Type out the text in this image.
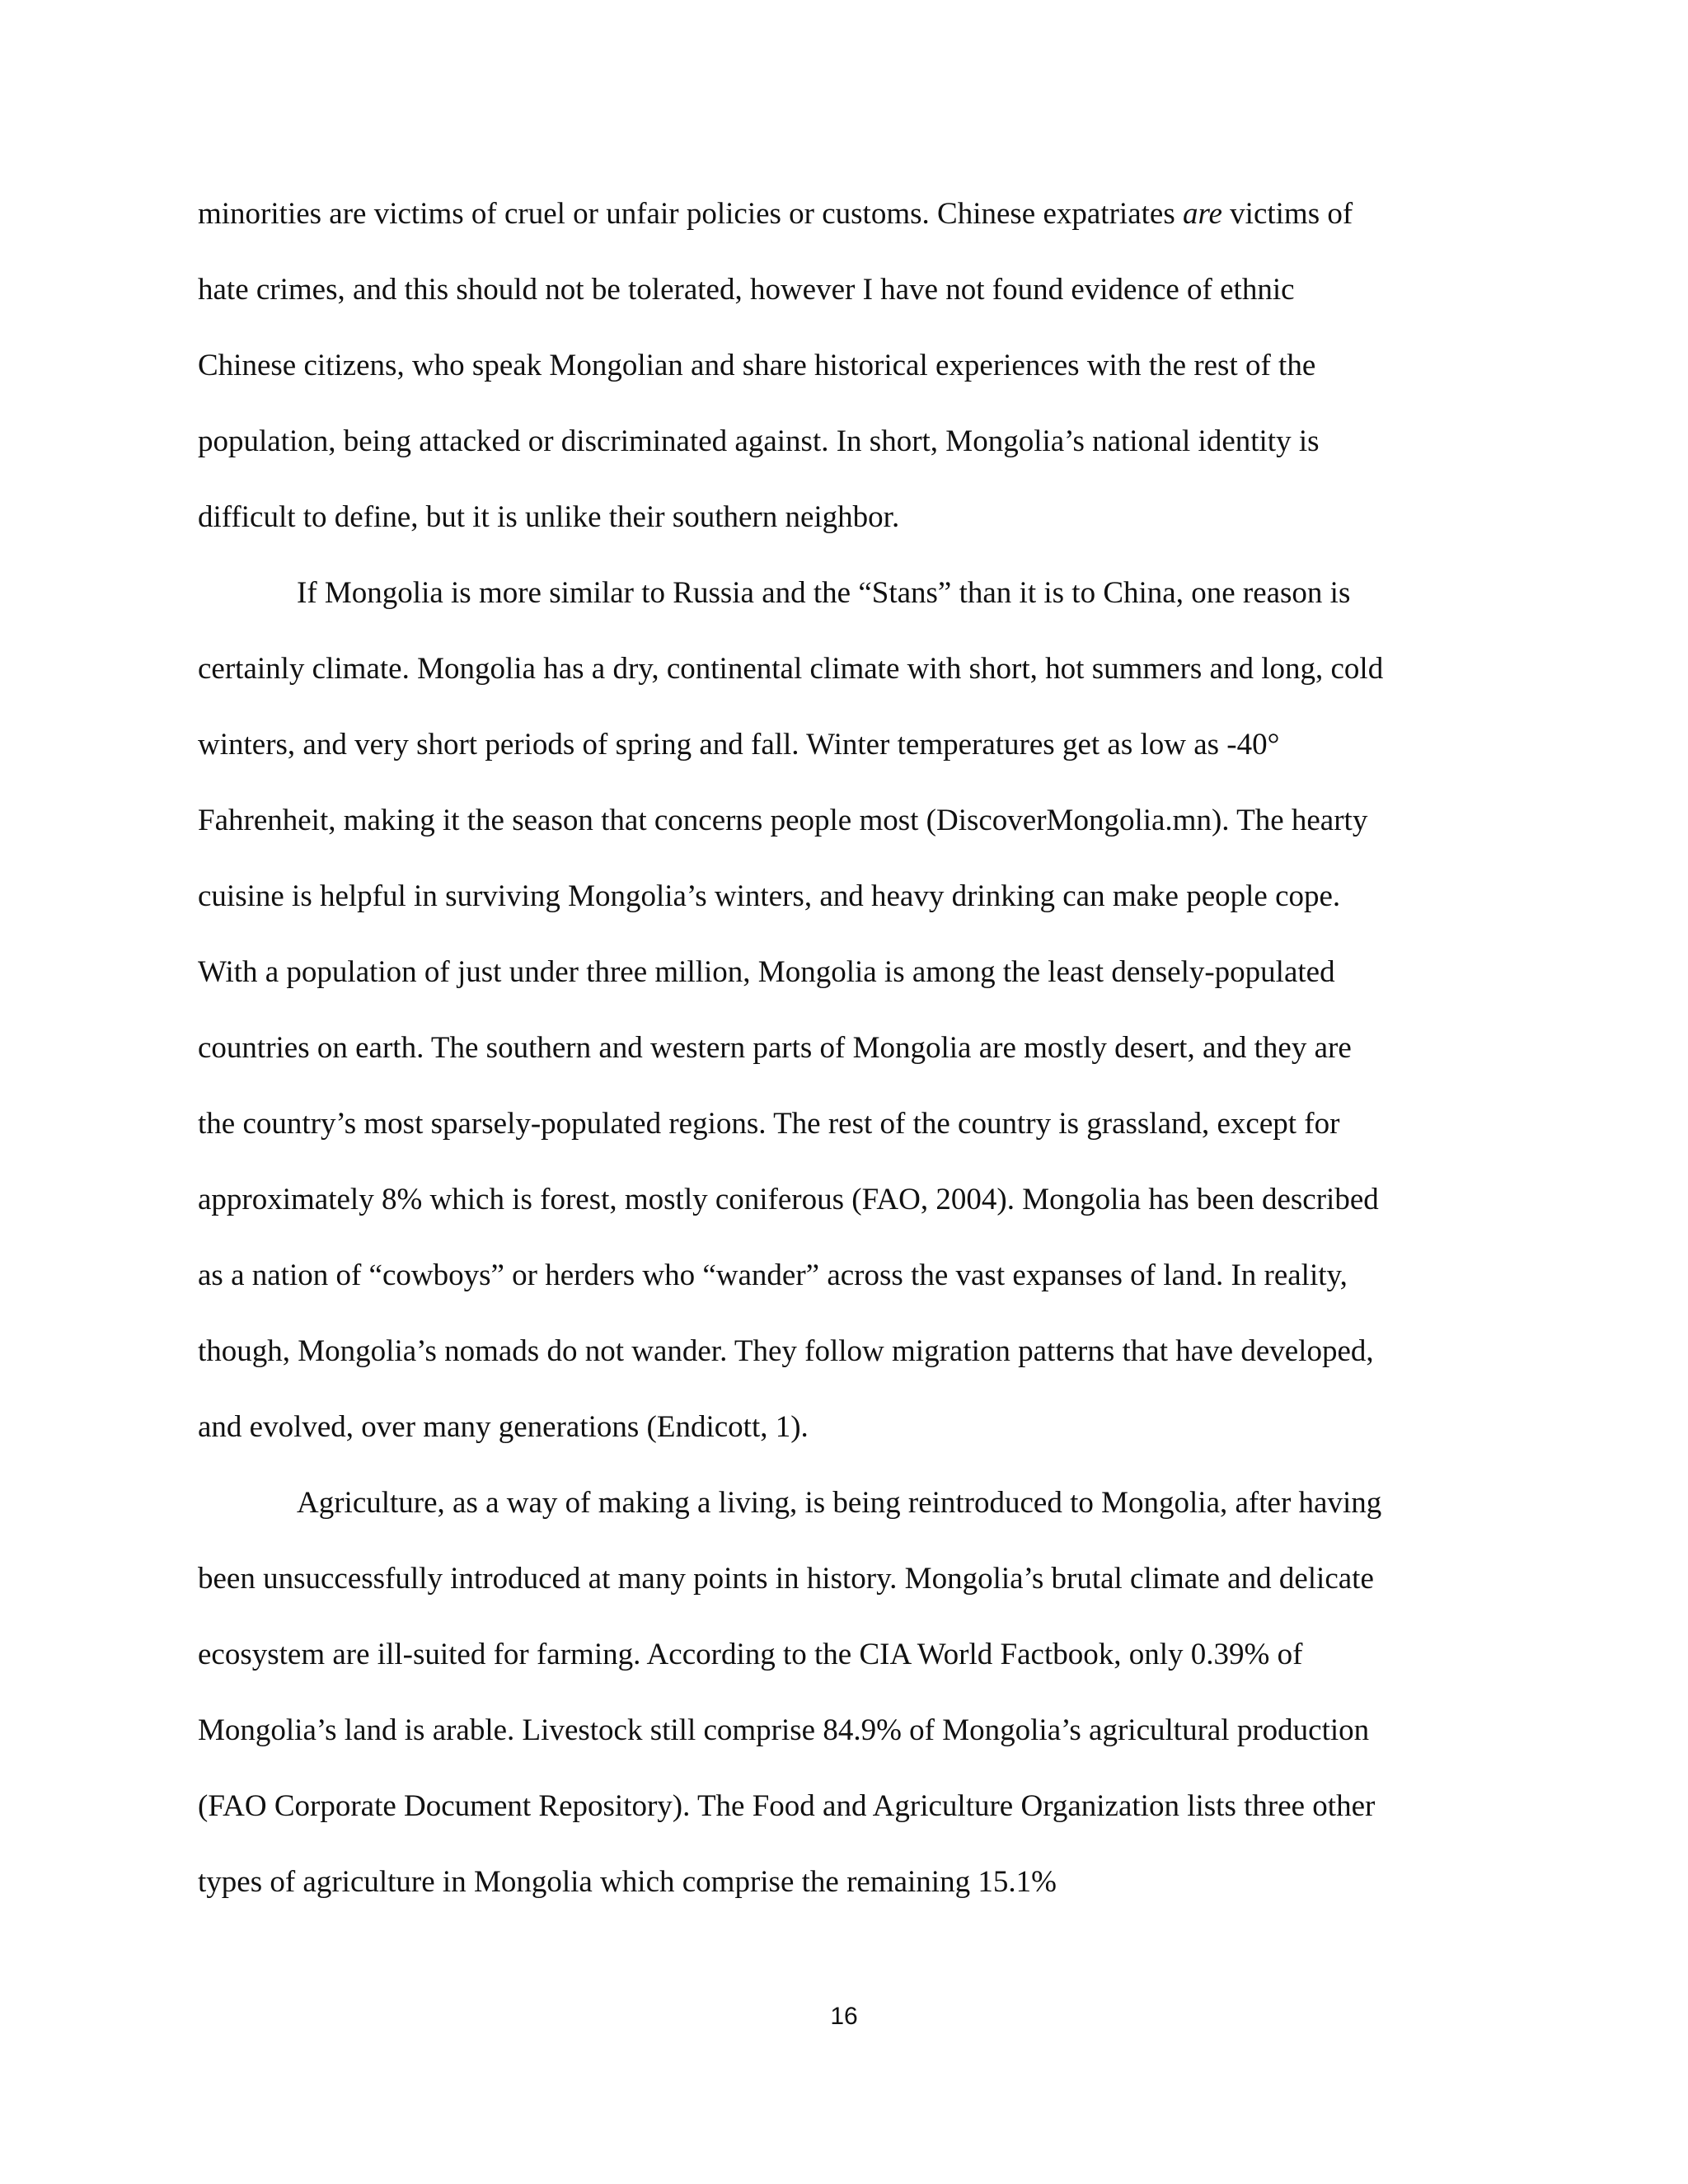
minorities are victims of cruel or unfair policies or customs. Chinese expatriates are victims of
hate crimes, and this should not be tolerated, however I have not found evidence of ethnic
Chinese citizens, who speak Mongolian and share historical experiences with the rest of the
population, being attacked or discriminated against. In short, Mongolia’s national identity is
difficult to define, but it is unlike their southern neighbor.
If Mongolia is more similar to Russia and the “Stans” than it is to China, one reason is
certainly climate. Mongolia has a dry, continental climate with short, hot summers and long, cold
winters, and very short periods of spring and fall. Winter temperatures get as low as -40°
Fahrenheit, making it the season that concerns people most (DiscoverMongolia.mn). The hearty
cuisine is helpful in surviving Mongolia’s winters, and heavy drinking can make people cope.
With a population of just under three million, Mongolia is among the least densely-populated
countries on earth. The southern and western parts of Mongolia are mostly desert, and they are
the country’s most sparsely-populated regions. The rest of the country is grassland, except for
approximately 8% which is forest, mostly coniferous (FAO, 2004). Mongolia has been described
as a nation of “cowboys” or herders who “wander” across the vast expanses of land. In reality,
though, Mongolia’s nomads do not wander. They follow migration patterns that have developed,
and evolved, over many generations (Endicott, 1).
Agriculture, as a way of making a living, is being reintroduced to Mongolia, after having
been unsuccessfully introduced at many points in history. Mongolia’s brutal climate and delicate
ecosystem are ill-suited for farming. According to the CIA World Factbook, only 0.39% of
Mongolia’s land is arable. Livestock still comprise 84.9% of Mongolia’s agricultural production
(FAO Corporate Document Repository). The Food and Agriculture Organization lists three other
types of agriculture in Mongolia which comprise the remaining 15.1%
16
